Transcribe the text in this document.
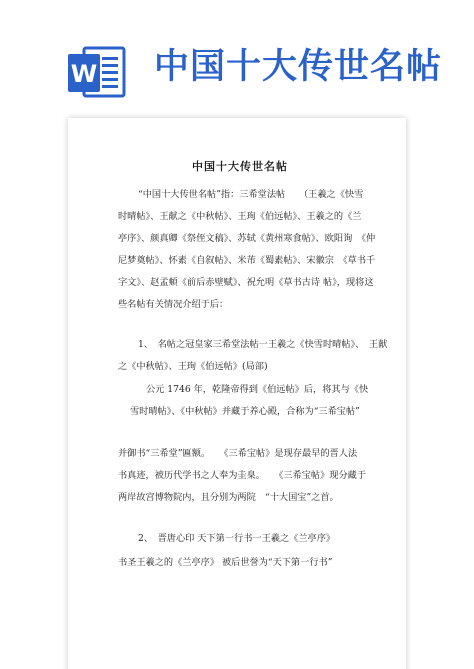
W 中国十大传世名帖
中国十大传世名帖
“中国十大传世名帖”指：三希堂法帖　　（王羲之《快雪
时晴帖》、王献之《中秋帖》、王珣《伯远帖》、王羲之的《兰
亭序》、颜真卿《祭侄文稿》、苏轼《黄州寒食帖》、欧阳询　《仲
尼梦奠帖》、怀素《自叙帖》、米芾《蜀素帖》、宋徽宗　《草书千
字文》、赵孟頫《前后赤壁赋》、祝允明《草书古诗 帖》，现将这
些名帖有关情况介绍于后：
1、　名帖之冠皇家三希堂法帖一王羲之《快雪时晴帖》、　王献
之《中秋帖》、王珣《伯远帖》(局部)
公元 1746 年，乾隆帝得到《伯远帖》后，将其与《快
雪时晴帖》、《中秋帖》并藏于养心殿，合称为“三希宝帖”
并御书“三希堂”匾额。　　《三希宝帖》是现存最早的晋人法
书真迹，被历代学书之人奉为圭臬。　　《三希宝帖》现分藏于
两岸故宫博物院内，且分别为两院　“十大国宝”之首。
2、　晋唐心印 天下第一行书一王羲之《兰亭序》
书圣王羲之的《兰亭序》 被后世誉为“天下第一行书”
